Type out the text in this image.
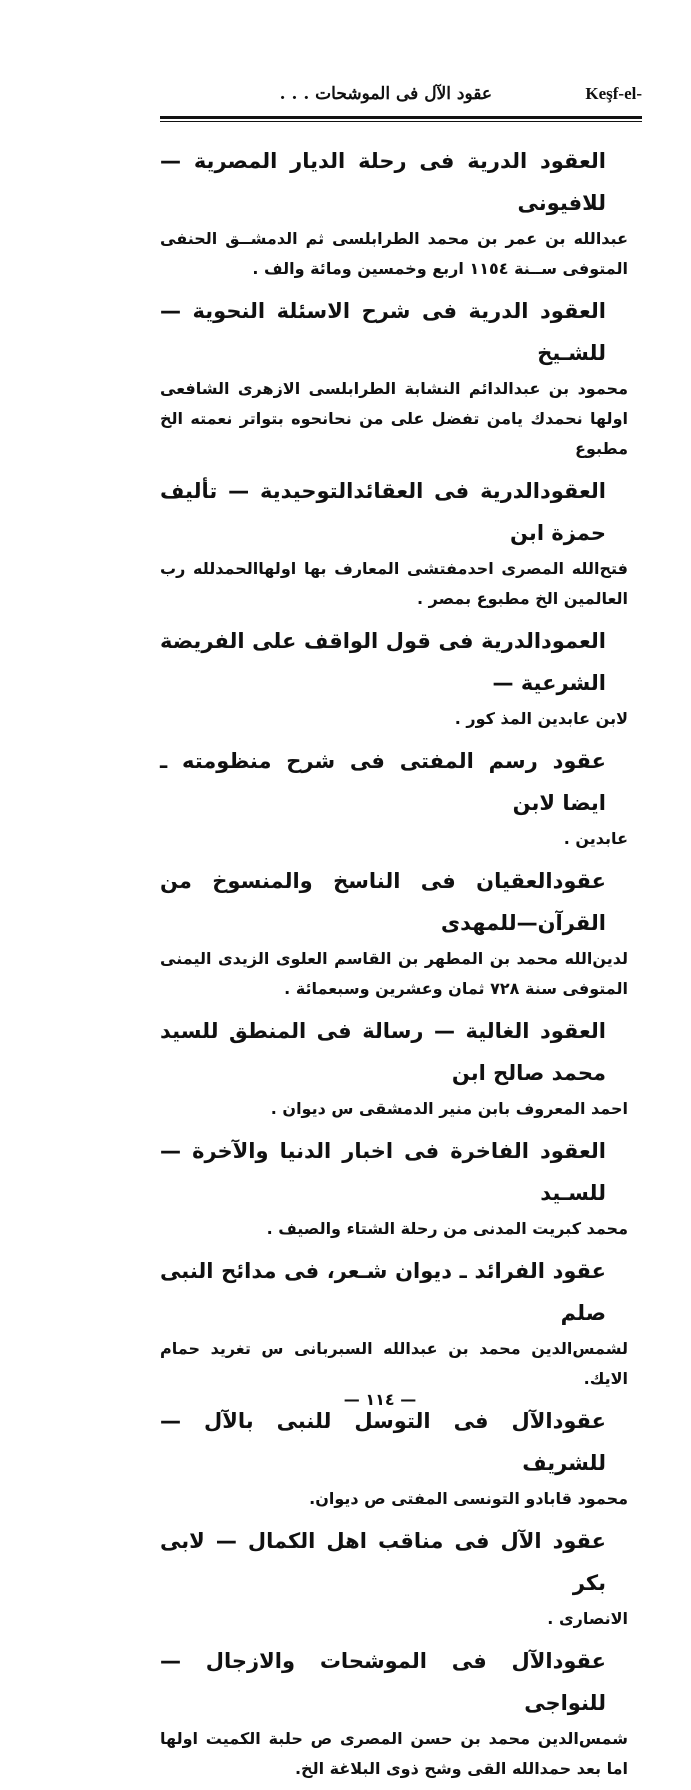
عقود الآل فى الموشحات . . .	Keşf-el-

العقود الدرية فى رحلة الديار المصرية — للافيونى

عبدالله بن عمر بن محمد الطرابلسى ثم الدمشــق الحنفى المتوفى ســنة ١١٥٤ اربع وخمسين ومائة والف .

العقود الدرية فى شرح الاسئلة النحوية — للشـيخ

محمود بن عبدالدائم النشابة الطرابلسى الازهرى الشافعى اولها نحمدك يامن تفضل على من نحانحوه بتواتر نعمته الخ مطبوع

العقودالدرية فى العقائدالتوحيدية — تأليف حمزة ابن

فتح‌الله المصرى احدمفتشى المعارف بها اولهاالحمدلله رب العالمين الخ مطبوع بمصر .

العمودالدرية فى قول الواقف على الفريضة الشرعية —

لابن عابدين المذ كور .

عقود رسم المفتى فى شرح منظومته ـ ايضا لابن

عابدين .

عقودالعقيان فى الناسخ والمنسوخ من القرآن—للمهدى

لدين‌الله محمد بن المطهر بن القاسم العلوى الزيدى اليمنى المتوفى سنة ٧٢٨ ثمان وعشرين وسبعمائة .

العقود الغالية — رسالة فى المنطق للسيد محمد صالح ابن

احمد المعروف بابن منير الدمشقى س ديوان .

العقود الفاخرة فى اخبار الدنيا والآخرة — للسـيد

محمد كبريت المدنى من رحلة الشتاء والصيف .

عقود الفرائد ـ ديوان شـعر، فى مدائح النبى صلم

لشمس‌الدين محمد بن عبدالله السبربانى س تغريد حمام الايك.

عقودالآل فى التوسل للنبى بالآل — للشريف

محمود قابادو التونسى المفتى ص ديوان.

عقود الآل فى مناقب اهل الكمال — لابى بكر

الانصارى .

عقودالآل فى الموشحات والازجال — للنواجى

شمس‌الدين محمد بن حسن المصرى ص حلبة الكميت اولها اما بعد حمدالله القى وشح ذوى البلاغة الخ.

— ١١٤ —
